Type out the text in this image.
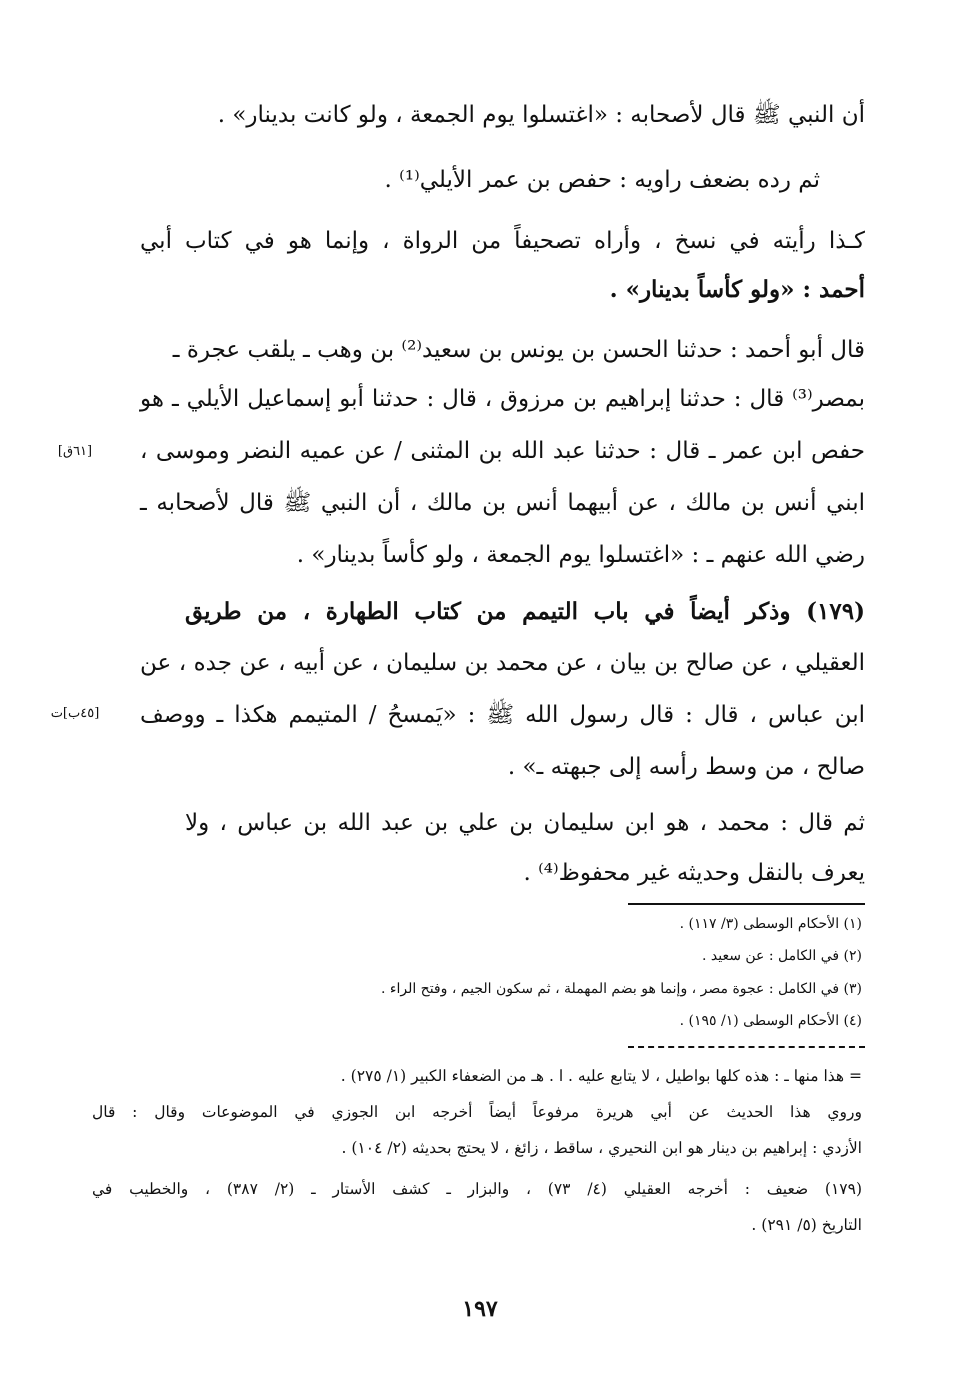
أن النبي ﷺ قال لأصحابه : «اغتسلوا يوم الجمعة ، ولو كانت بدينار» .
ثم رده بضعف راويه : حفص بن عمر الأيلي⁽¹⁾ .
كـذا رأيته في نسخ ، وأراه تصحيفاً من الرواة ، وإنما هو في كتاب أبي
أحمد : «ولو كأساً بدينار» .
قال أبو أحمد : حدثنا الحسن بن يونس بن سعيد⁽²⁾ بن وهب ـ يلقب عجرة ـ
بمصر⁽³⁾ قال : حدثنا إبراهيم بن مرزوق ، قال : حدثنا أبو إسماعيل الأيلي ـ هو
حفص ابن عمر ـ قال : حدثنا عبد الله بن المثنى / عن عميه النضر وموسى ،
ابني أنس بن مالك ، عن أبيهما أنس بن مالك ، أن النبي ﷺ قال لأصحابه ـ
رضي الله عنهم ـ : «اغتسلوا يوم الجمعة ، ولو كأساً بدينار» .
(١٧٩) وذكر أيضاً في باب التيمم من كتاب الطهارة ، من طريق
العقيلي ، عن صالح بن بيان ، عن محمد بن سليمان ، عن أبيه ، عن جده ، عن
ابن عباس ، قال : قال رسول الله ﷺ : «يَمسحُ / المتيمم هكذا ـ ووصف
صالح ، من وسط رأسه إلى جبهته ـ» .
ثم قال : محمد ، هو ابن سليمان بن علي بن عبد الله بن عباس ، ولا
يعرف بالنقل وحديثه غير محفوظ⁽⁴⁾ .
[٦١ق]
[٤٥ب]ت
(١) الأحكام الوسطى (٣/ ١١٧) .
(٢) في الكامل : عن سعيد .
(٣) في الكامل : عجوة مصر ، وإنما هو بضم المهملة ، ثم سكون الجيم ، وفتح الراء .
(٤) الأحكام الوسطى (١/ ١٩٥) .
= هذا منها ـ : هذه كلها بواطيل ، لا يتابع عليه . ا . هـ من الضعفاء الكبير (١/ ٢٧٥) .
وروي هذا الحديث عن أبي هريرة مرفوعاً أيضاً أخرجه ابن الجوزي في الموضوعات وقال : قال
الأزدي : إبراهيم بن دينار هو ابن النحيري ، ساقط ، زائغ ، لا يحتج بحديثه (٢/ ١٠٤) .
(١٧٩) ضعيف : أخرجه العقيلي (٤/ ٧٣) ، والبزار ـ كشف الأستار ـ (٢/ ٣٨٧) ، والخطيب في
التاريخ (٥/ ٢٩١) .
١٩٧
